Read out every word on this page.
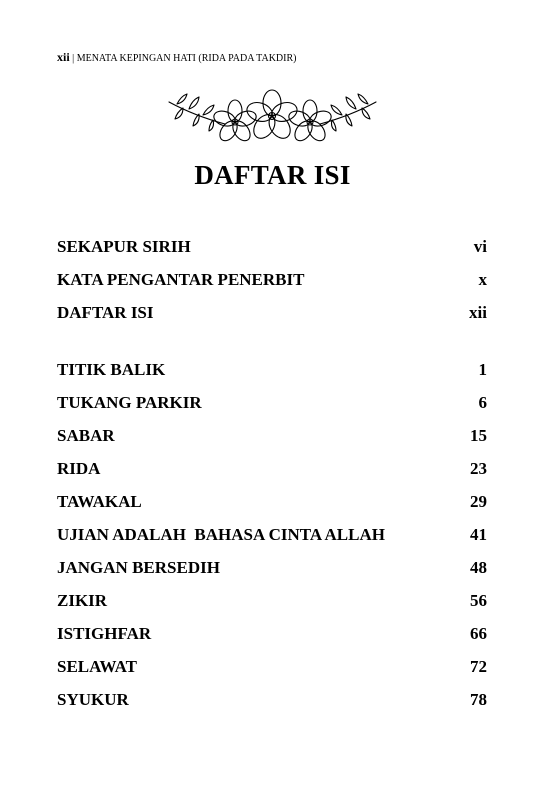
xii | MENATA KEPINGAN HATI (RIDA PADA TAKDIR)
DAFTAR ISI
SEKAPUR SIRIH	vi
KATA PENGANTAR PENERBIT	x
DAFTAR ISI	xii
TITIK BALIK	1
TUKANG PARKIR	6
SABAR	15
RIDA	23
TAWAKAL	29
UJIAN ADALAH  BAHASA CINTA ALLAH	41
JANGAN BERSEDIH	48
ZIKIR	56
ISTIGHFAR	66
SELAWAT	72
SYUKUR	78
